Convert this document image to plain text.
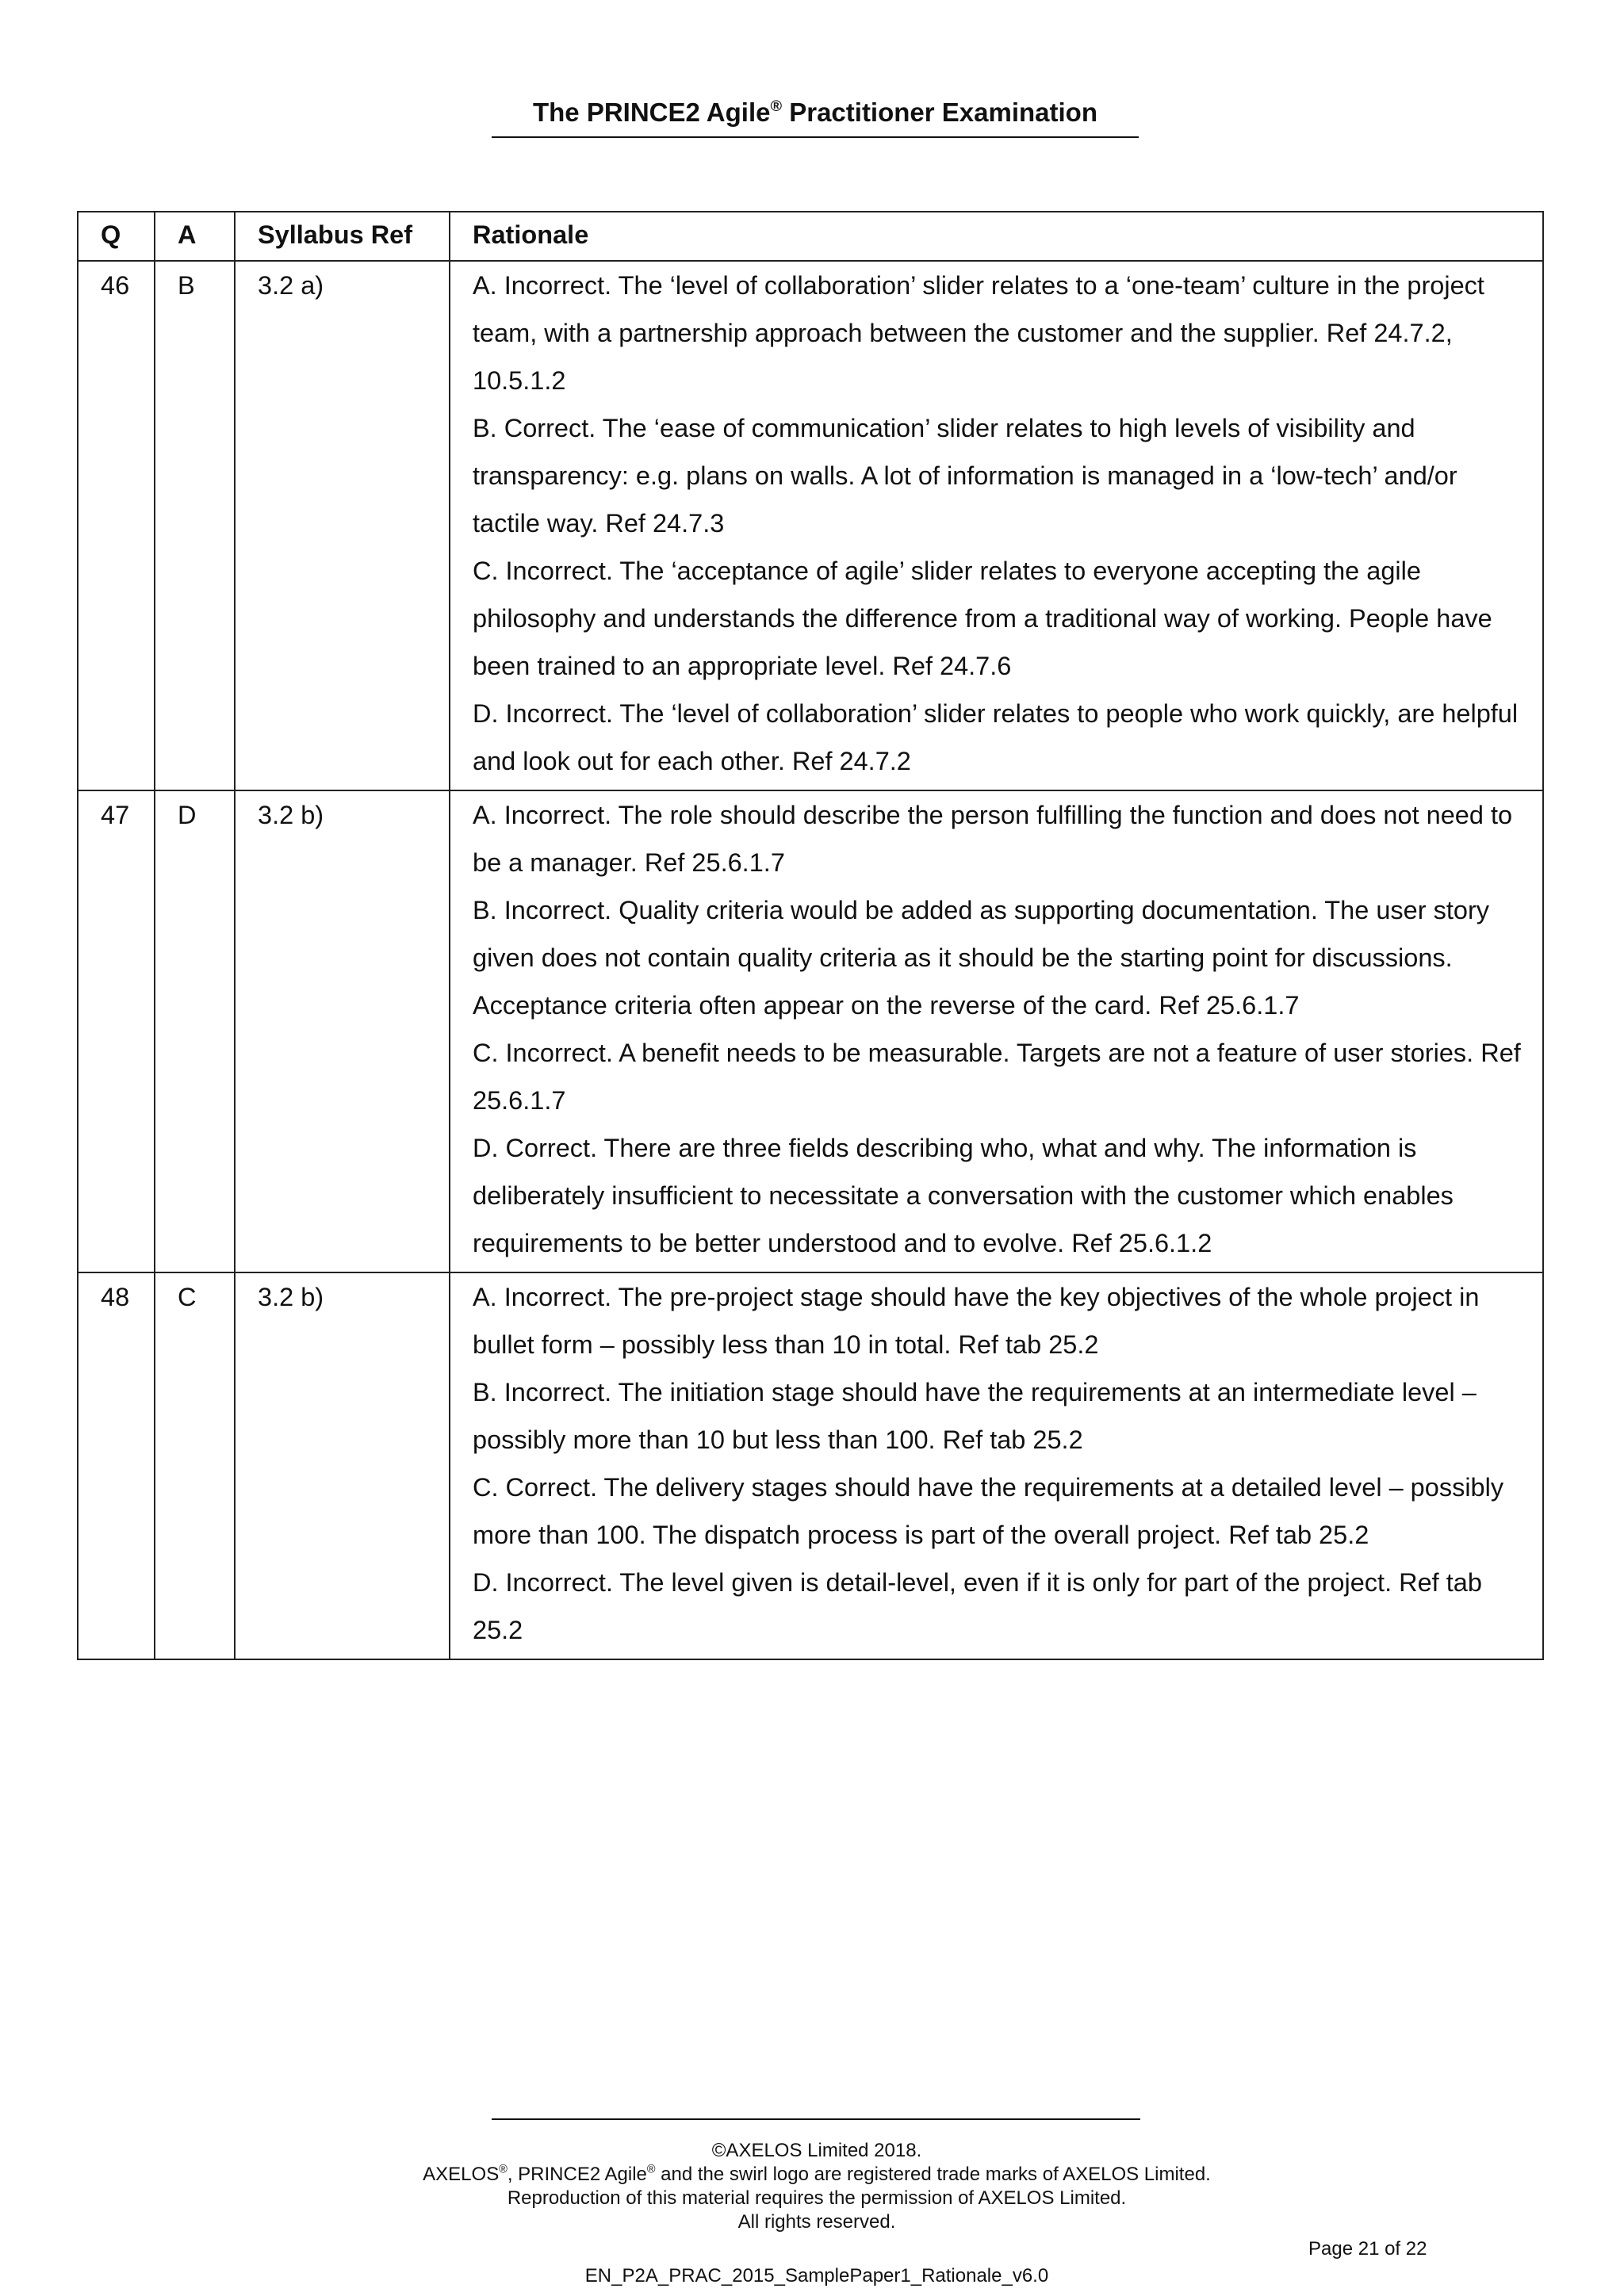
The PRINCE2 Agile® Practitioner Examination
Q	A	Syllabus Ref	Rationale
46	B	3.2 a)	A. Incorrect. The ‘level of collaboration’ slider relates to a ‘one-team’ culture in the project team, with a partnership approach between the customer and the supplier. Ref 24.7.2, 10.5.1.2
B. Correct. The ‘ease of communication’ slider relates to high levels of visibility and transparency: e.g. plans on walls. A lot of information is managed in a ‘low-tech’ and/or tactile way. Ref 24.7.3
C. Incorrect. The ‘acceptance of agile’ slider relates to everyone accepting the agile philosophy and understands the difference from a traditional way of working. People have been trained to an appropriate level. Ref 24.7.6
D. Incorrect. The ‘level of collaboration’ slider relates to people who work quickly, are helpful and look out for each other. Ref 24.7.2

47	D	3.2 b)	A. Incorrect. The role should describe the person fulfilling the function and does not need to be a manager. Ref 25.6.1.7
B. Incorrect. Quality criteria would be added as supporting documentation. The user story given does not contain quality criteria as it should be the starting point for discussions. Acceptance criteria often appear on the reverse of the card. Ref 25.6.1.7
C. Incorrect. A benefit needs to be measurable. Targets are not a feature of user stories. Ref 25.6.1.7
D. Correct. There are three fields describing who, what and why. The information is deliberately insufficient to necessitate a conversation with the customer which enables requirements to be better understood and to evolve. Ref 25.6.1.2

48	C	3.2 b)	A. Incorrect. The pre-project stage should have the key objectives of the whole project in bullet form – possibly less than 10 in total. Ref tab 25.2
B. Incorrect. The initiation stage should have the requirements at an intermediate level – possibly more than 10 but less than 100. Ref tab 25.2
C. Correct. The delivery stages should have the requirements at a detailed level – possibly more than 100. The dispatch process is part of the overall project. Ref tab 25.2
D. Incorrect. The level given is detail-level, even if it is only for part of the project. Ref tab 25.2
©AXELOS Limited 2018.
AXELOS®, PRINCE2 Agile® and the swirl logo are registered trade marks of AXELOS Limited.
Reproduction of this material requires the permission of AXELOS Limited.
All rights reserved.
Page 21 of 22
EN_P2A_PRAC_2015_SamplePaper1_Rationale_v6.0
